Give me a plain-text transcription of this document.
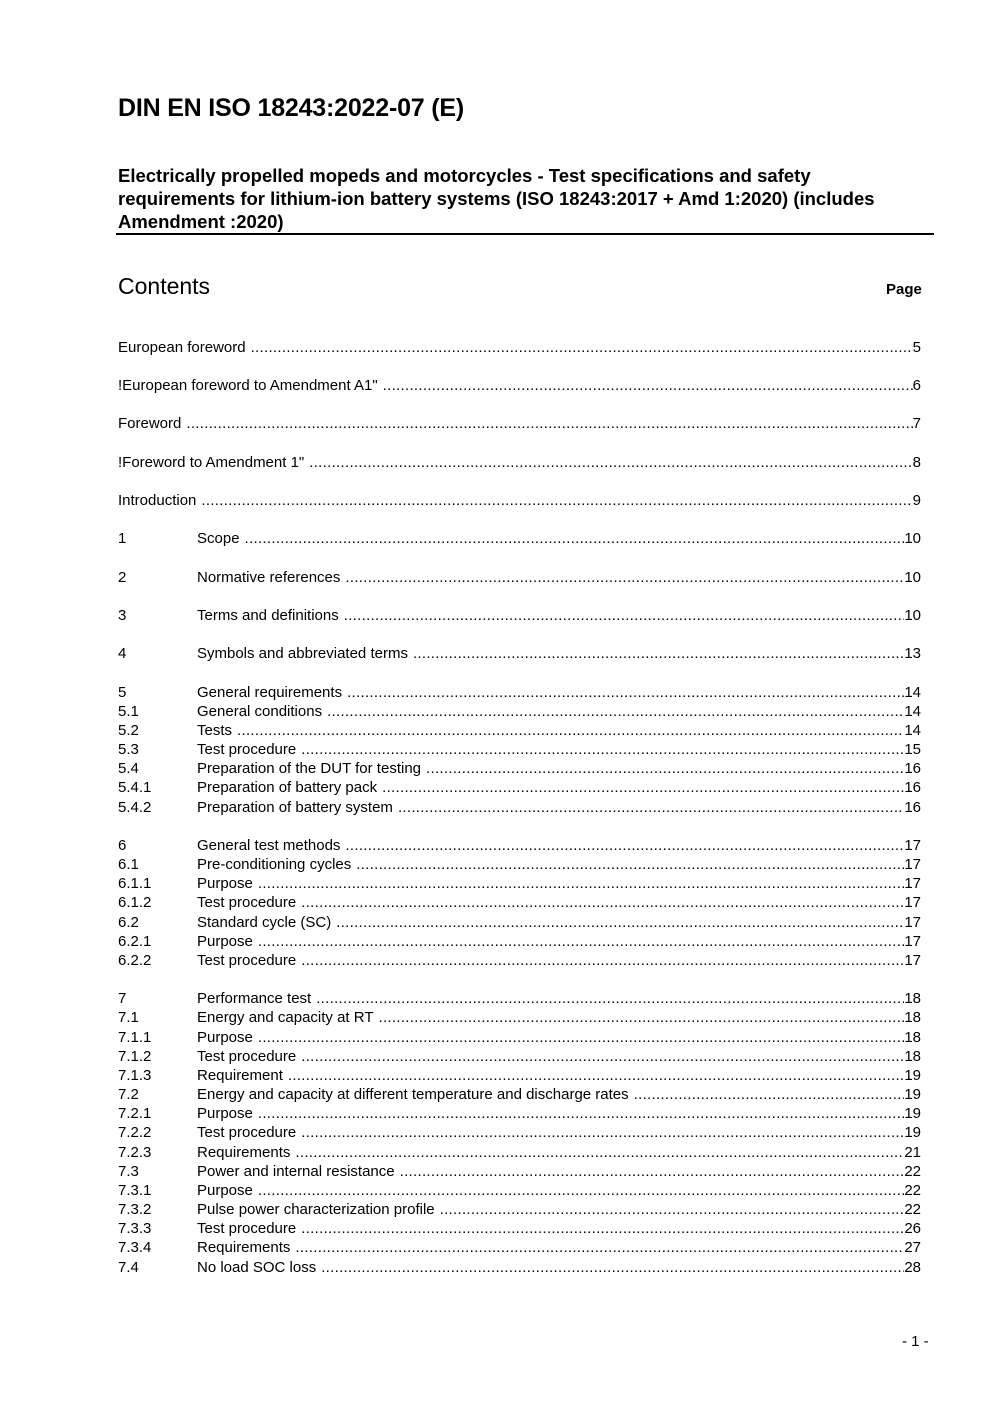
DIN EN ISO 18243:2022-07 (E)
Electrically propelled mopeds and motorcycles - Test specifications and safety requirements for lithium-ion battery systems (ISO 18243:2017 + Amd 1:2020) (includes Amendment :2020)
Contents	Page
European foreword .....	5
!European foreword to Amendment A1" .....	6
Foreword .....	7
!Foreword to Amendment 1" .....	8
Introduction .....	9
1	Scope .....	10
2	Normative references .....	10
3	Terms and definitions .....	10
4	Symbols and abbreviated terms .....	13
5	General requirements .....	14
5.1	General conditions .....	14
5.2	Tests .....	14
5.3	Test procedure .....	15
5.4	Preparation of the DUT for testing .....	16
5.4.1	Preparation of battery pack .....	16
5.4.2	Preparation of battery system .....	16
6	General test methods .....	17
6.1	Pre-conditioning cycles .....	17
6.1.1	Purpose .....	17
6.1.2	Test procedure .....	17
6.2	Standard cycle (SC) .....	17
6.2.1	Purpose .....	17
6.2.2	Test procedure .....	17
7	Performance test .....	18
7.1	Energy and capacity at RT .....	18
7.1.1	Purpose .....	18
7.1.2	Test procedure .....	18
7.1.3	Requirement .....	19
7.2	Energy and capacity at different temperature and discharge rates .....	19
7.2.1	Purpose .....	19
7.2.2	Test procedure .....	19
7.2.3	Requirements .....	21
7.3	Power and internal resistance .....	22
7.3.1	Purpose .....	22
7.3.2	Pulse power characterization profile .....	22
7.3.3	Test procedure .....	26
7.3.4	Requirements .....	27
7.4	No load SOC loss .....	28
- 1 -
